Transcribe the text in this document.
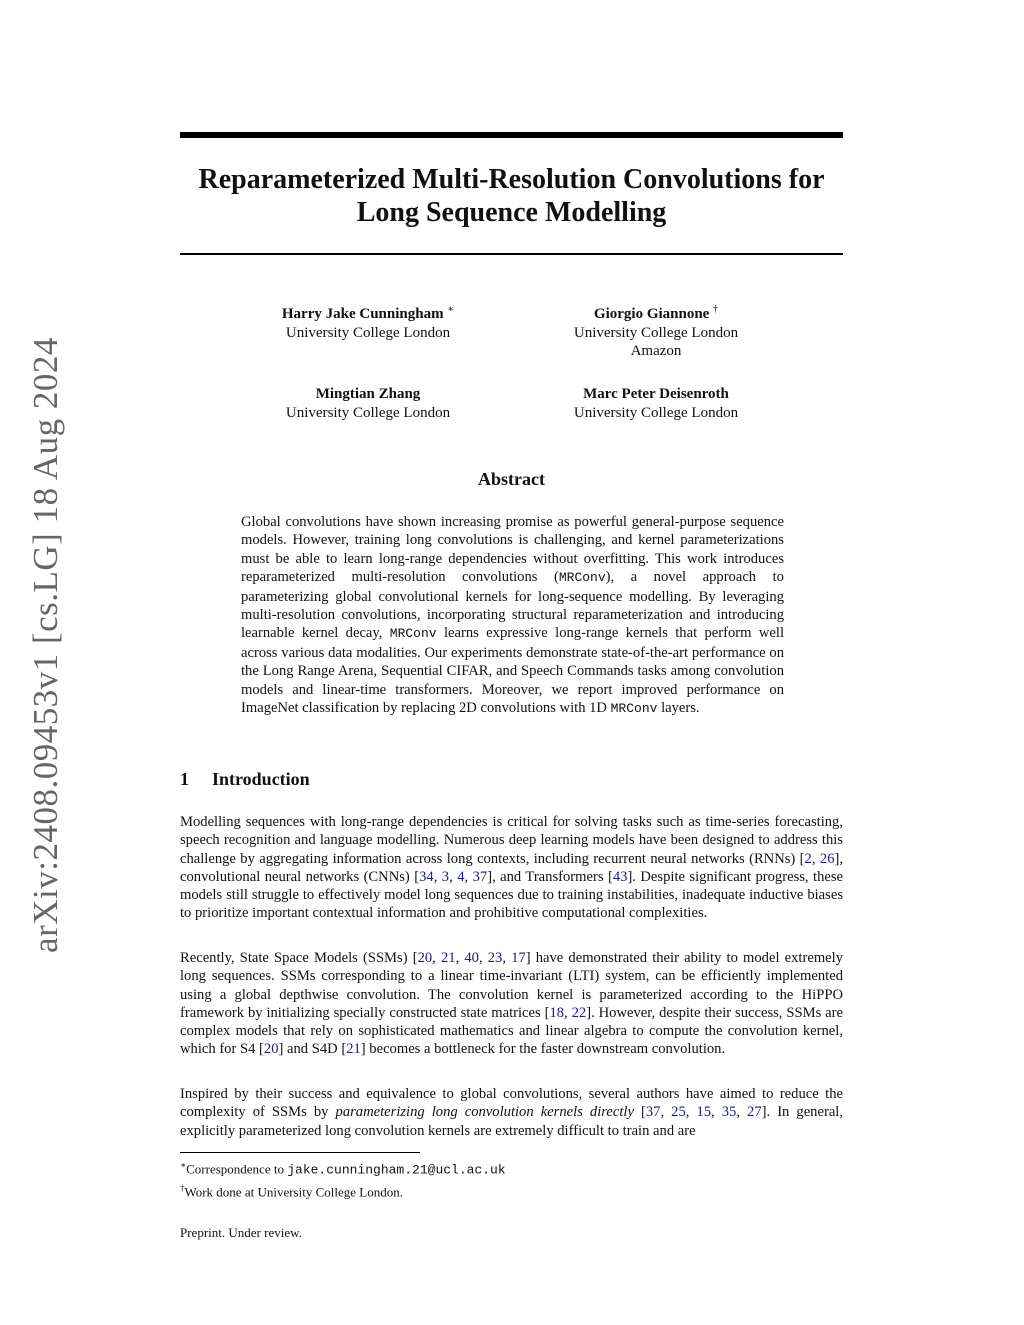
arXiv:2408.09453v1 [cs.LG] 18 Aug 2024
Reparameterized Multi-Resolution Convolutions for
Long Sequence Modelling
Harry Jake Cunningham ∗
University College London
Giorgio Giannone †
University College London
Amazon
Mingtian Zhang
University College London
Marc Peter Deisenroth
University College London
Abstract
Global convolutions have shown increasing promise as powerful general-purpose sequence models. However, training long convolutions is challenging, and kernel parameterizations must be able to learn long-range dependencies without overfitting. This work introduces reparameterized multi-resolution convolutions (MRConv), a novel approach to parameterizing global convolutional kernels for long-sequence modelling. By leveraging multi-resolution convolutions, incorporating structural reparameterization and introducing learnable kernel decay, MRConv learns expressive long-range kernels that perform well across various data modalities. Our experiments demonstrate state-of-the-art performance on the Long Range Arena, Sequential CIFAR, and Speech Commands tasks among convolution models and linear-time transformers. Moreover, we report improved performance on ImageNet classification by replacing 2D convolutions with 1D MRConv layers.
1 Introduction
Modelling sequences with long-range dependencies is critical for solving tasks such as time-series forecasting, speech recognition and language modelling. Numerous deep learning models have been designed to address this challenge by aggregating information across long contexts, including recurrent neural networks (RNNs) [2, 26], convolutional neural networks (CNNs) [34, 3, 4, 37], and Transformers [43]. Despite significant progress, these models still struggle to effectively model long sequences due to training instabilities, inadequate inductive biases to prioritize important contextual information and prohibitive computational complexities.
Recently, State Space Models (SSMs) [20, 21, 40, 23, 17] have demonstrated their ability to model extremely long sequences. SSMs corresponding to a linear time-invariant (LTI) system, can be efficiently implemented using a global depthwise convolution. The convolution kernel is parameterized according to the HiPPO framework by initializing specially constructed state matrices [18, 22]. However, despite their success, SSMs are complex models that rely on sophisticated mathematics and linear algebra to compute the convolution kernel, which for S4 [20] and S4D [21] becomes a bottleneck for the faster downstream convolution.
Inspired by their success and equivalence to global convolutions, several authors have aimed to reduce the complexity of SSMs by parameterizing long convolution kernels directly [37, 25, 15, 35, 27]. In general, explicitly parameterized long convolution kernels are extremely difficult to train and are
∗Correspondence to jake.cunningham.21@ucl.ac.uk
†Work done at University College London.
Preprint. Under review.
